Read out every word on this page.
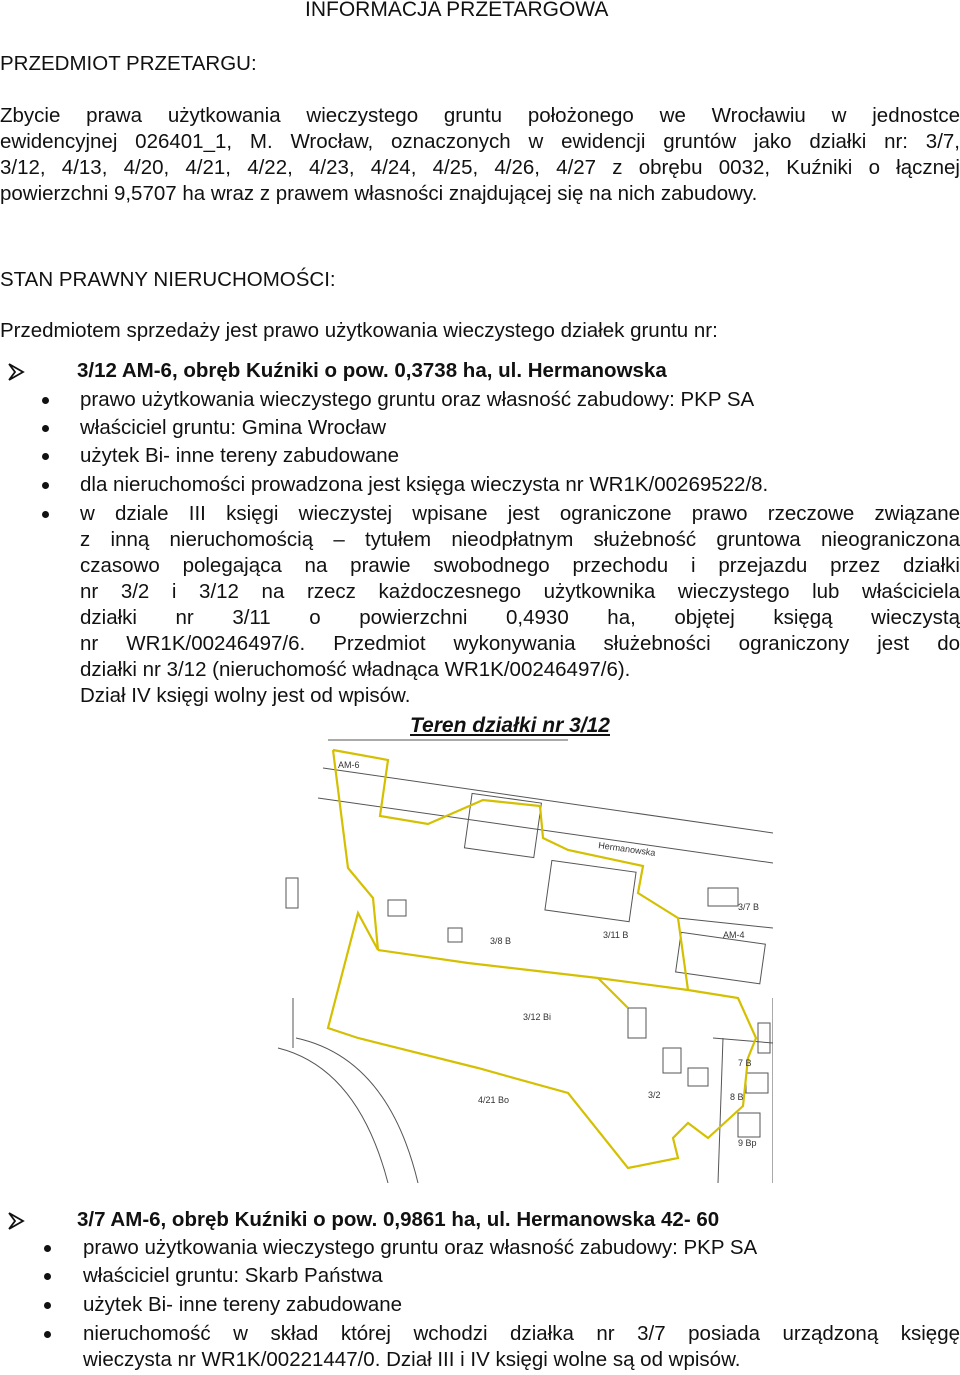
INFORMACJA PRZETARGOWA
PRZEDMIOT PRZETARGU:
Zbycie prawa użytkowania wieczystego gruntu położonego we Wrocławiu w jednostce
ewidencyjnej 026401_1, M. Wrocław, oznaczonych w ewidencji gruntów jako działki nr: 3/7,
3/12, 4/13, 4/20, 4/21, 4/22, 4/23, 4/24, 4/25, 4/26, 4/27 z obrębu 0032, Kuźniki o łącznej
powierzchni 9,5707 ha wraz z prawem własności znajdującej się na nich zabudowy.
STAN PRAWNY NIERUCHOMOŚCI:
Przedmiotem sprzedaży jest prawo użytkowania wieczystego działek gruntu nr:
3/12 AM-6, obręb Kuźniki o pow. 0,3738 ha, ul. Hermanowska
prawo użytkowania wieczystego gruntu oraz własność zabudowy: PKP SA
właściciel gruntu: Gmina Wrocław
użytek Bi- inne tereny zabudowane
dla nieruchomości prowadzona jest księga wieczysta nr WR1K/00269522/8.
w dziale III księgi wieczystej wpisane jest ograniczone prawo rzeczowe związane
z inną nieruchomością – tytułem nieodpłatnym służebność gruntowa nieograniczona
czasowo polegająca na prawie swobodnego przechodu i przejazdu przez działki
nr 3/2 i 3/12 na rzecz każdoczesnego użytkownika wieczystego lub właściciela
działki nr 3/11 o powierzchni 0,4930 ha, objętej księgą wieczystą
nr WR1K/00246497/6. Przedmiot wykonywania służebności ograniczony jest do
działki nr 3/12 (nieruchomość władnąca WR1K/00246497/6).
Dział IV księgi wolny jest od wpisów.
Teren działki nr 3/12
AM-6
AM-4
Hermanowska
3/7 B
3/8 B
3/11 B
3/12 Bi
4/21 Bo	3/2
7 B
8 B
9 Bp
3/7 AM-6, obręb Kuźniki o pow. 0,9861 ha, ul. Hermanowska 42- 60
prawo użytkowania wieczystego gruntu oraz własność zabudowy: PKP SA
właściciel gruntu: Skarb Państwa
użytek Bi- inne tereny zabudowane
nieruchomość w skład której wchodzi działka nr 3/7 posiada urządzoną księgę
wieczysta nr WR1K/00221447/0. Dział III i IV księgi wolne są od wpisów.
